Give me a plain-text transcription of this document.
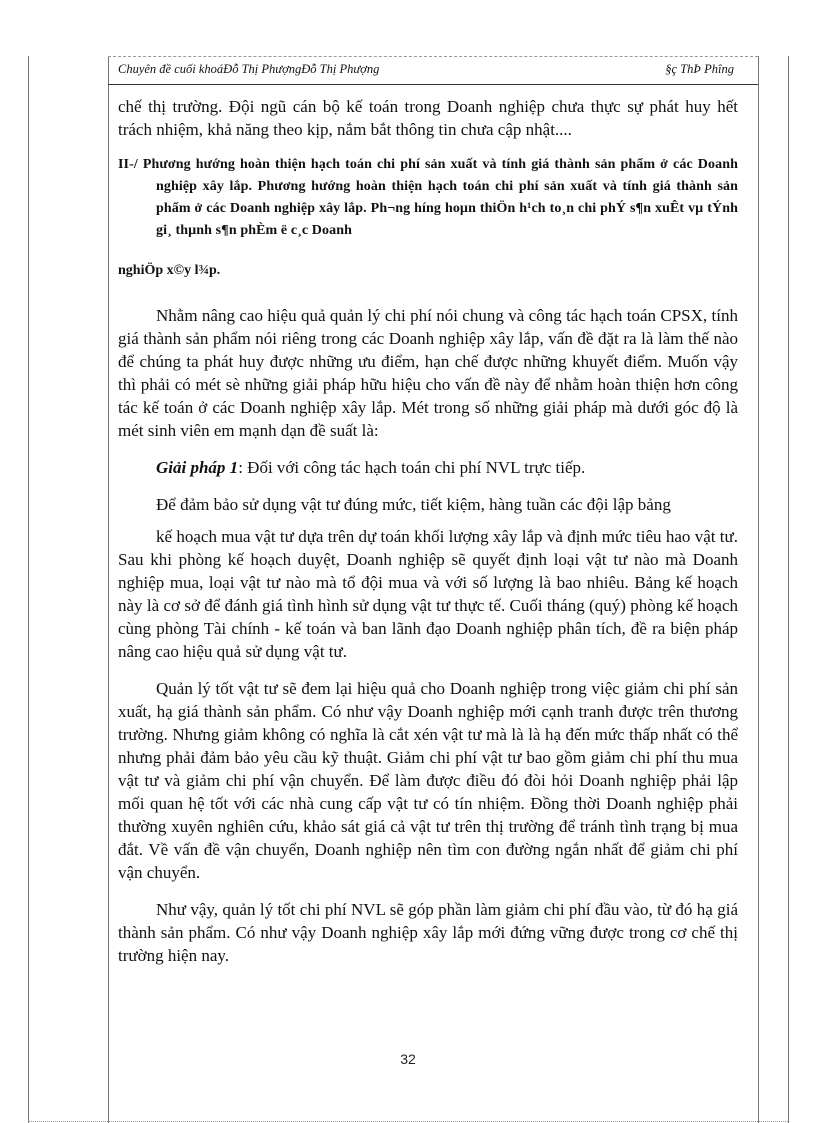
Chuyên đề cuối khoáĐỗ Thị PhượngĐỗ Thị Phượng	§ç ThÞ Phîng

chế thị trường. Đội ngũ cán bộ kế toán trong Doanh nghiệp chưa thực sự phát huy hết trách nhiệm, khả năng theo kịp, nắm bắt thông tin chưa cập nhật....

II-/ Phương hướng hoàn thiện hạch toán chi phí sản xuất và tính giá thành sản phẩm ở các Doanh nghiệp xây lắp. Phương hướng hoàn thiện hạch toán chi phí sản xuất và tính giá thành sản phẩm ở các Doanh nghiệp xây lắp. Ph¬ng híng hoµn thiÖn h¹ch to¸n chi phÝ s¶n xuÊt vµ tÝnh gi¸ thµnh s¶n phÈm ë c¸c Doanh

nghiÖp x©y l¾p.

Nhằm nâng cao hiệu quả quản lý chi phí nói chung và công tác hạch toán CPSX, tính giá thành sản phẩm nói riêng trong các Doanh nghiệp xây lắp, vấn đề đặt ra là làm thế nào để chúng ta phát huy được những ưu điểm, hạn chế được những khuyết điểm. Muốn vậy thì phải có mét sè những giải pháp hữu hiệu cho vấn đề này để nhằm hoàn thiện hơn công tác kế toán ở các Doanh nghiệp xây lắp. Mét trong số những giải pháp mà dưới góc độ là mét sinh viên em mạnh dạn đề suất là:

Giải pháp 1: Đối với công tác hạch toán chi phí NVL trực tiếp.

Để đảm bảo sử dụng vật tư đúng mức, tiết kiệm, hàng tuần các đội lập bảng

kế hoạch mua vật tư dựa trên dự toán khối lượng xây lắp và định mức tiêu hao vật tư. Sau khi phòng kế hoạch duyệt, Doanh nghiệp sẽ quyết định loại vật tư nào mà Doanh nghiệp mua, loại vật tư nào mà tổ đội mua và với số lượng là bao nhiêu. Bảng kế hoạch này là cơ sở để đánh giá tình hình sử dụng vật tư thực tế. Cuối tháng (quý) phòng kế hoạch cùng phòng Tài chính - kế toán và ban lãnh đạo Doanh nghiệp phân tích, đề ra biện pháp nâng cao hiệu quả sử dụng vật tư.

Quản lý tốt vật tư sẽ đem lại hiệu quả cho Doanh nghiệp trong việc giảm chi phí sản xuất, hạ giá thành sản phẩm. Có như vậy Doanh nghiệp mới cạnh tranh được trên thương trường. Nhưng giảm không có nghĩa là cắt xén vật tư mà là là hạ đến mức thấp nhất có thể nhưng phải đảm bảo yêu cầu kỹ thuật. Giảm chi phí vật tư bao gồm giảm chi phí thu mua vật tư và giảm chi phí vận chuyển. Để làm được điều đó đòi hỏi Doanh nghiệp phải lập mối quan hệ tốt với các nhà cung cấp vật tư có tín nhiệm. Đồng thời Doanh nghiệp phải thường xuyên nghiên cứu, khảo sát giá cả vật tư trên thị trường để tránh tình trạng bị mua đắt. Về vấn đề vận chuyển, Doanh nghiệp nên tìm con đường ngắn nhất để giảm chi phí vận chuyển.

Như vậy, quản lý tốt chi phí NVL sẽ góp phần làm giảm chi phí đầu vào, từ đó hạ giá thành sản phẩm. Có như vậy Doanh nghiệp xây lắp mới đứng vững được trong cơ chế thị trường hiện nay.

32
